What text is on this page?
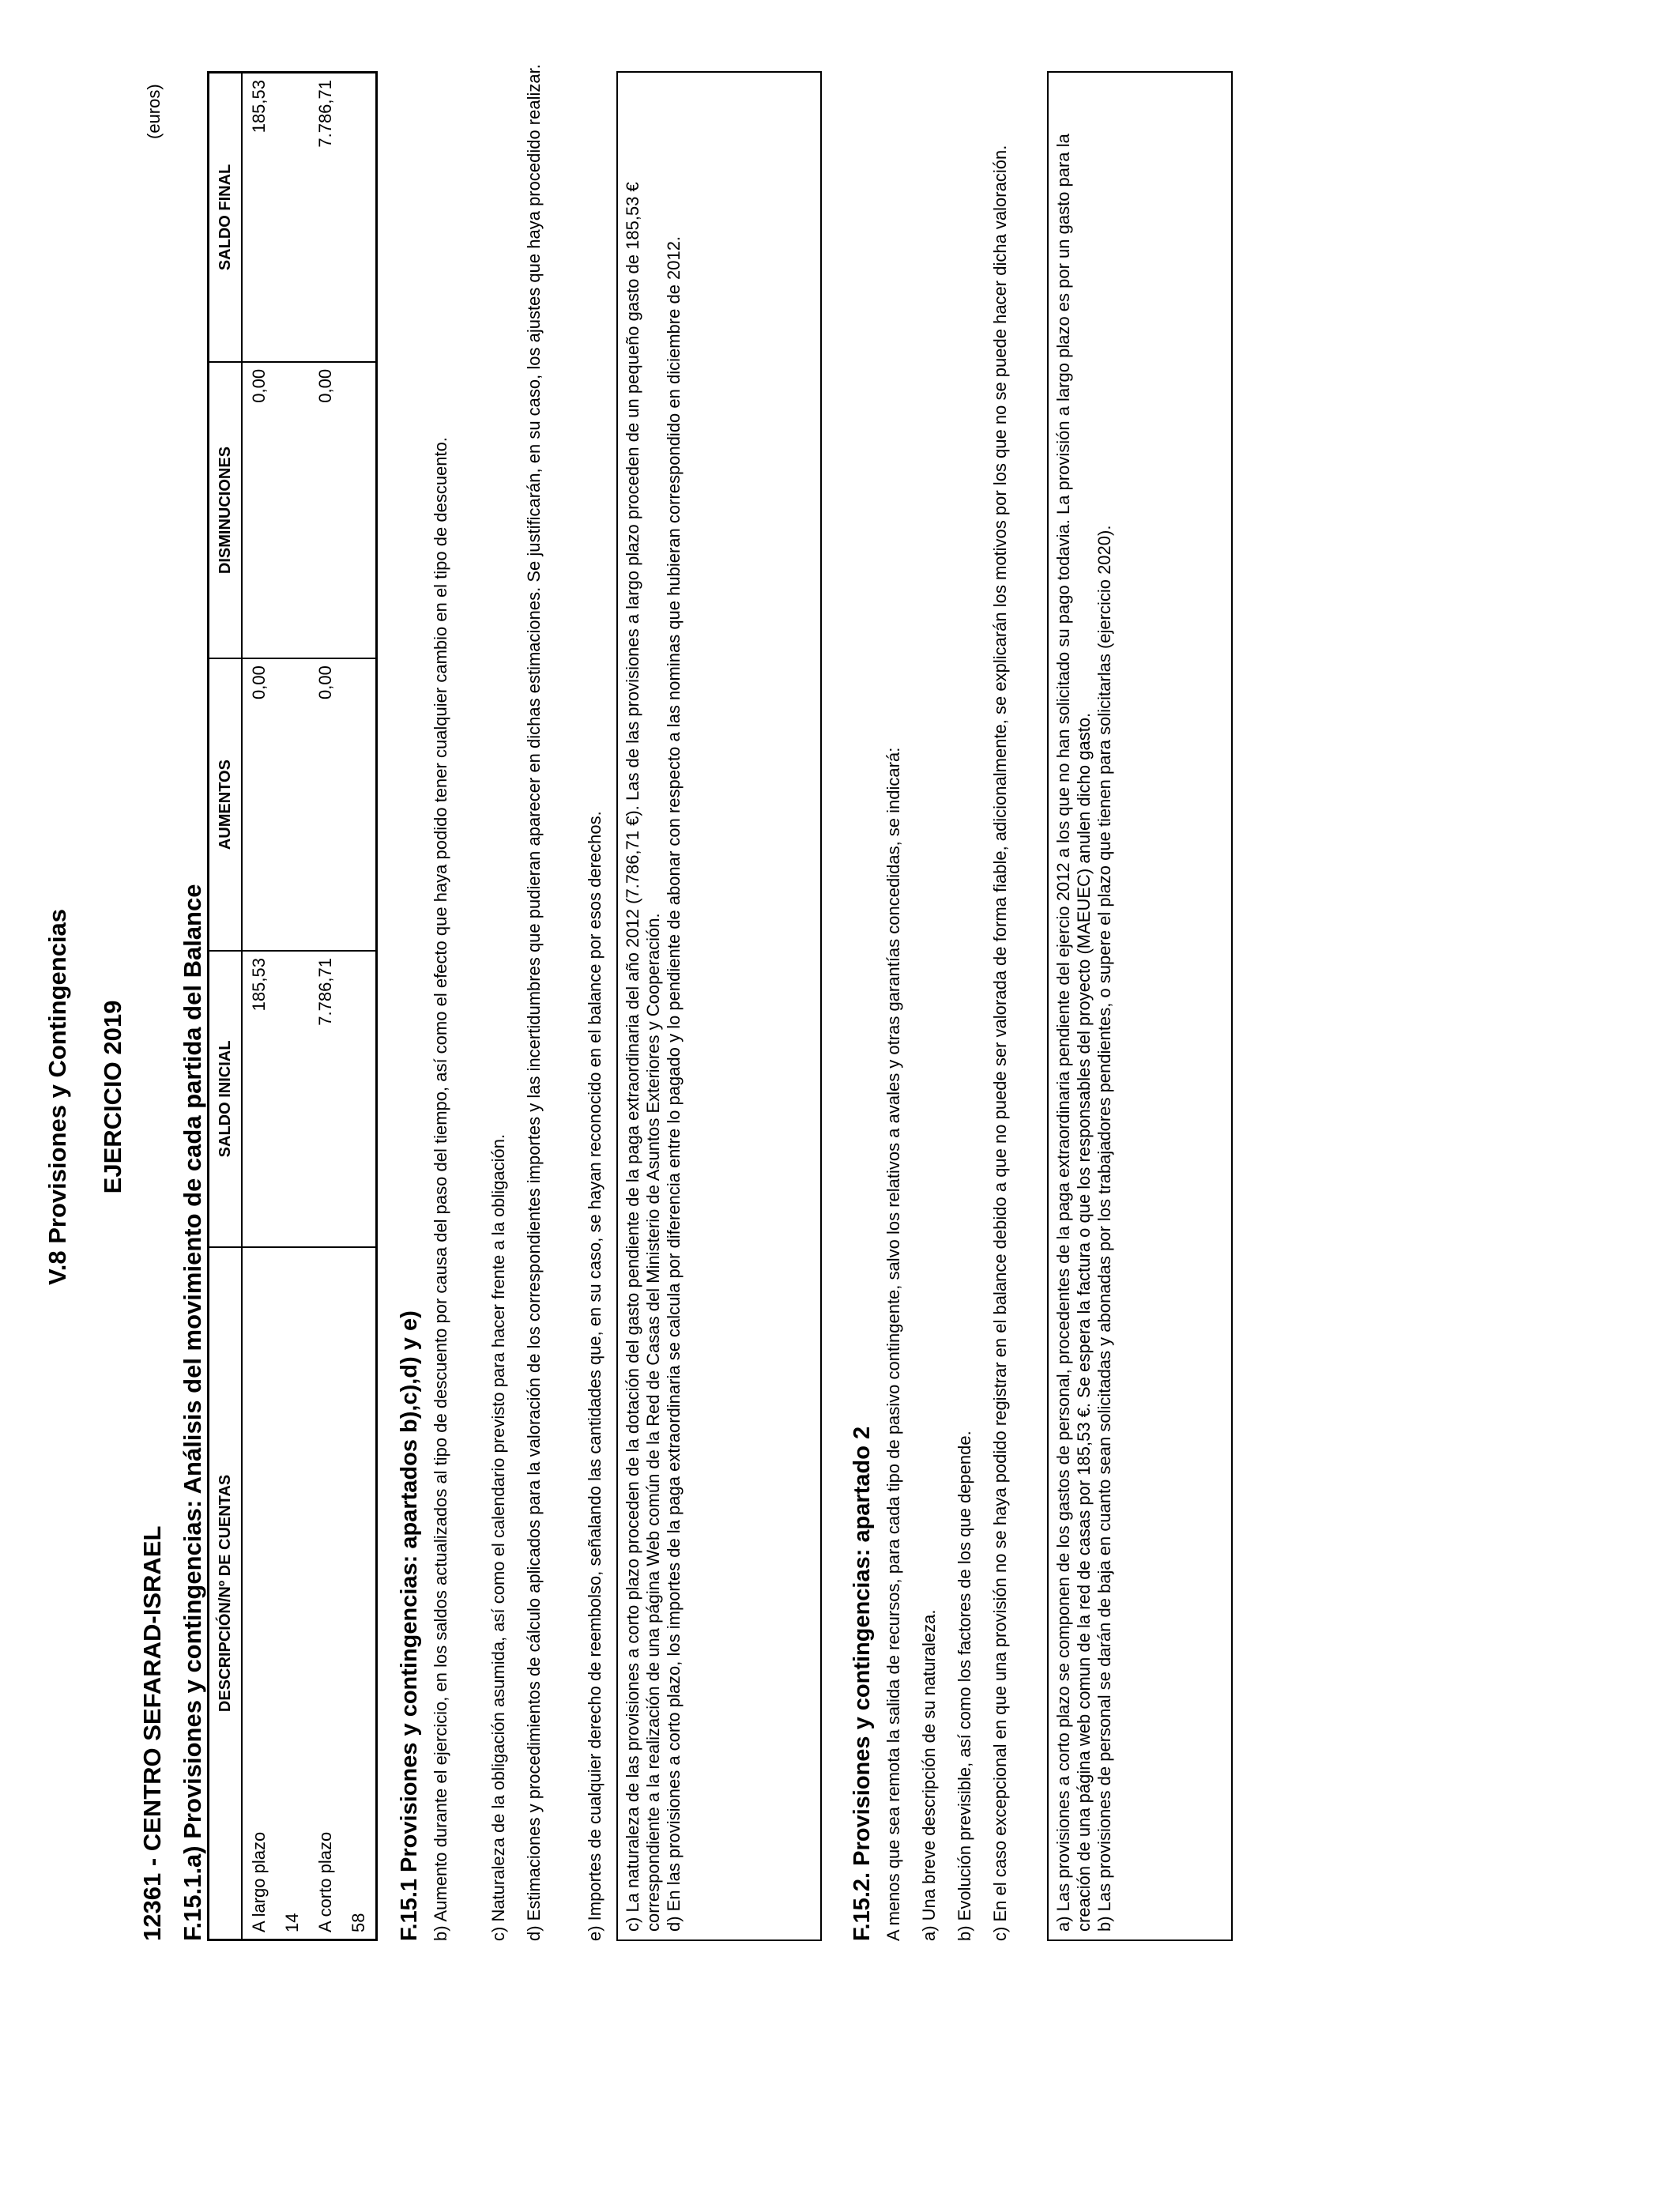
V.8 Provisiones y Contingencias EJERCICIO 2019
12361 - CENTRO SEFARAD-ISRAEL
(euros)
DESCRIPCIÓN/Nº DE CUENTAS	SALDO INICIAL	AUMENTOS	DISMINUCIONES	SALDO FINAL
A largo plazo	185,53	0,00	0,00	185,53
14				
A corto plazo	7.786,71	0,00	0,00	7.786,71
58				
F.15.1.a) Provisiones y contingencias: Análisis del movimiento de cada partida del Balance	F.15.1 Provisiones y contingencias: apartados b),c),d) y e) b) Aumento durante el ejercicio, en los saldos actualizados al tipo de descuento por causa del paso del tiempo, así como el efecto que haya podido tener cualquier cambio en el tipo de descuento. c) Naturaleza de la obligación asumida, así como el calendario previsto para hacer frente a la obligación. d) Estimaciones y procedimientos de cálculo aplicados para la valoración de los correspondientes importes y las incertidumbres que pudieran aparecer en dichas estimaciones. Se justificarán, en su caso, los ajustes que haya procedido realizar. e) Importes de cualquier derecho de reembolso, señalando las cantidades que, en su caso, se hayan reconocido en el balance por esos derechos. c) La naturaleza de las provisiones a corto plazo proceden de la dotación del gasto pendiente de la paga extraordinaria del año 2012 (7.786,71 €). Las de las provisiones a largo plazo proceden de un pequeño gasto de 185,53 € correspondiente a la realización de una página Web común de la Red de Casas del Ministerio de Asuntos Exteriores y Cooperación. d) En las provisiones a corto plazo, los importes de la paga extraordinaria se calcula por diferencia entre lo pagado y lo pendiente de abonar con respecto a las nominas que hubieran correspondido en diciembre de 2012.	F.15.2. Provisiones y contingencias: apartado 2 A menos que sea remota la salida de recursos, para cada tipo de pasivo contingente, salvo los relativos a avales y otras garantías concedidas, se indicará: a) Una breve descripción de su naturaleza. b) Evolución previsible, así como los factores de los que depende. c) En el caso excepcional en que una provisión no se haya podido registrar en el balance debido a que no puede ser valorada de forma fiable, adicionalmente, se explicarán los motivos por los que no se puede hacer dicha valoración.	a) Las provisiones a corto plazo se componen de los gastos de personal, procedentes de la paga extraordinaria pendiente del ejercio 2012 a los que no han solicitado su pago todavia. La provisión a largo plazo es por un gasto para la creación de una página web comun de la red de casas por 185,53 €. Se espera la factura o que los responsables del proyecto (MAEUEC) anulen dicho gasto. b) Las provisiones de personal se darán de baja en cuanto sean solicitadas y abonadas por los trabajadores pendientes, o supere el plazo que tienen para solicitarlas (ejercicio 2020).
